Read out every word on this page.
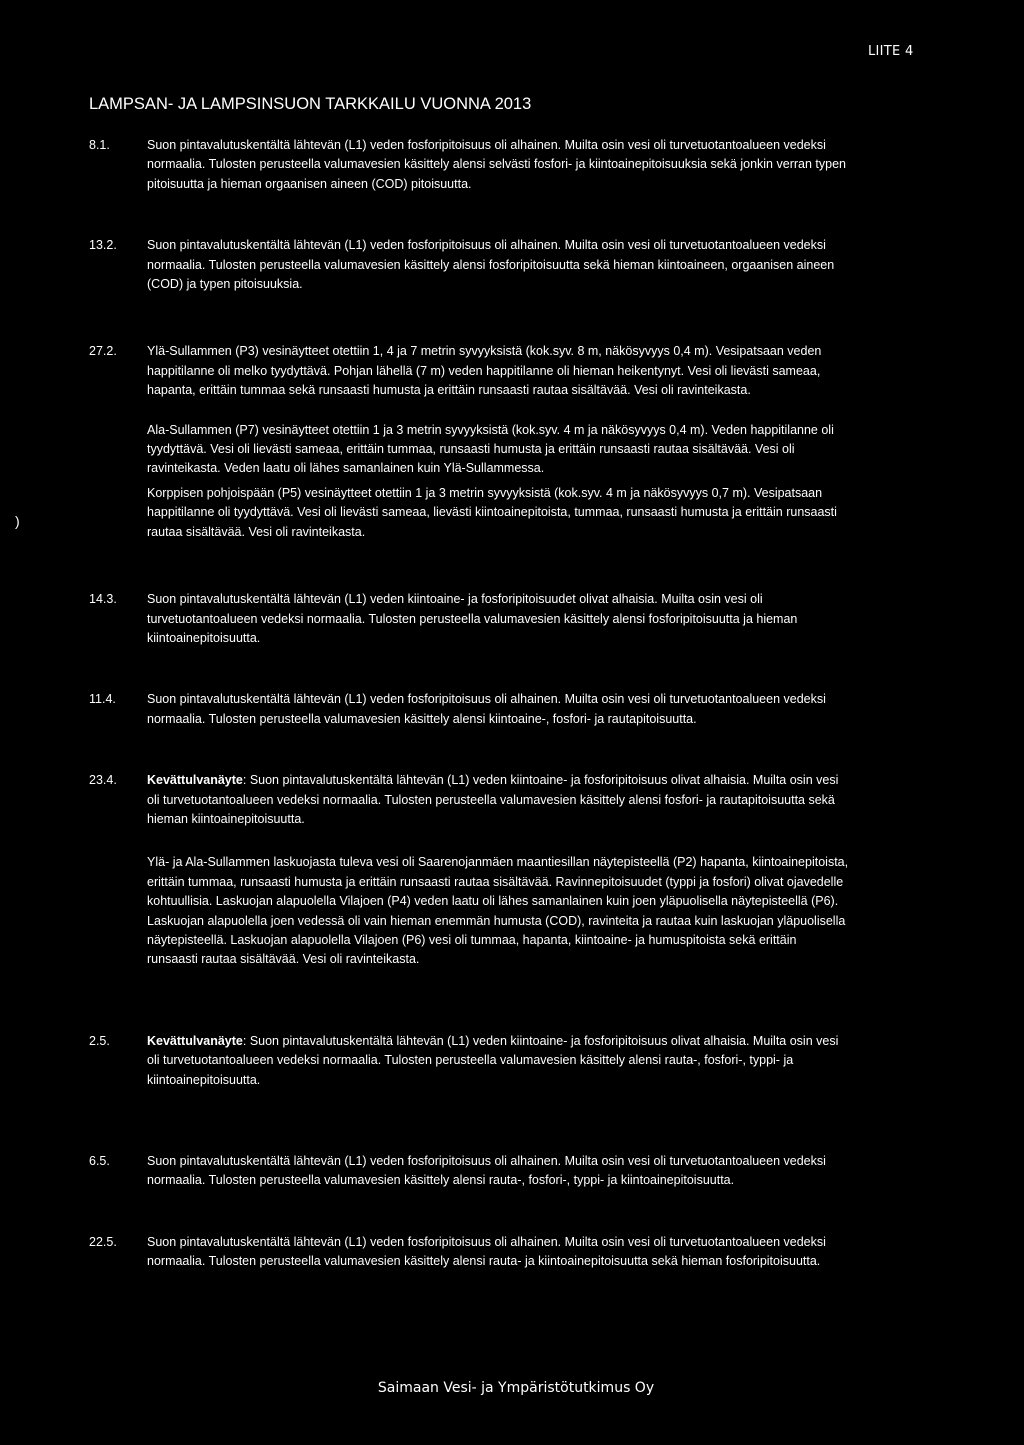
LIITE 4
LAMPSAN- JA LAMPSINSUON TARKKAILU VUONNA 2013
8.1.	Suon pintavalutuskentältä lähtevän (L1) veden fosforipitoisuus oli alhainen. Muilta osin vesi oli turvetuotantoalueen vedeksi normaalia. Tulosten perusteella valumavesien käsittely alensi selvästi fosfori- ja kiintoainepitoisuuksia sekä jonkin verran typen pitoisuutta ja hieman orgaanisen aineen (COD) pitoisuutta.

13.2. Suon pintavalutuskentältä lähtevän (L1) veden fosforipitoisuus oli alhainen. Muilta osin vesi oli turvetuotantoalueen vedeksi normaalia. Tulosten perusteella valumavesien käsittely alensi fosforipitoisuutta sekä hieman kiintoaineen, orgaanisen aineen (COD) ja typen pitoisuuksia.

27.2. Ylä-Sullammen (P3) vesinäytteet otettiin 1, 4 ja 7 metrin syvyyksistä (kok.syv. 8 m, näkösyvyys 0,4 m). Vesipatsaan veden happitilanne oli melko tyydyttävä. Pohjan lähellä (7 m) veden happitilanne oli hieman heikentynyt. Vesi oli lievästi sameaa, hapanta, erittäin tummaa sekä runsaasti humusta ja erittäin runsaasti rautaa sisältävää. Vesi oli ravinteikasta.

Ala-Sullammen (P7) vesinäytteet otettiin 1 ja 3 metrin syvyyksistä (kok.syv. 4 m ja näkösyvyys 0,4 m). Veden happitilanne oli tyydyttävä. Vesi oli lievästi sameaa, erittäin tummaa, runsaasti humusta ja erittäin runsaasti rautaa sisältävää. Vesi oli ravinteikasta. Veden laatu oli lähes samanlainen kuin Ylä-Sullammessa.

Korppisen pohjoispään (P5) vesinäytteet otettiin 1 ja 3 metrin syvyyksistä (kok.syv. 4 m ja näkösyvyys 0,7 m). Vesipatsaan happitilanne oli tyydyttävä. Vesi oli lievästi sameaa, lievästi kiintoainepitoista, tummaa, runsaasti humusta ja erittäin runsaasti rautaa sisältävää. Vesi oli ravinteikasta.

14.3. Suon pintavalutuskentältä lähtevän (L1) veden kiintoaine- ja fosforipitoisuudet olivat alhaisia. Muilta osin vesi oli turvetuotantoalueen vedeksi normaalia. Tulosten perusteella valumavesien käsittely alensi fosforipitoisuutta ja hieman kiintoainepitoisuutta.

11.4. Suon pintavalutuskentältä lähtevän (L1) veden fosforipitoisuus oli alhainen. Muilta osin vesi oli turvetuotantoalueen vedeksi normaalia. Tulosten perusteella valumavesien käsittely alensi kiintoaine-, fosfori- ja rautapitoisuutta.

23.4. Kevättulvanäyte: Suon pintavalutuskentältä lähtevän (L1) veden kiintoaine- ja fosforipitoisuus olivat alhaisia. Muilta osin vesi oli turvetuotantoalueen vedeksi normaalia. Tulosten perusteella valumavesien käsittely alensi fosfori- ja rautapitoisuutta sekä hieman kiintoainepitoisuutta.

Ylä- ja Ala-Sullammen laskuojasta tuleva vesi oli Saarenojanmäen maantiesillan näytepisteellä (P2) hapanta, kiintoainepitoista, erittäin tummaa, runsaasti humusta ja erittäin runsaasti rautaa sisältävää. Ravinnepitoisuudet (typpi ja fosfori) olivat ojavedelle kohtuullisia. Laskuojan alapuolella Vilajoen (P4) veden laatu oli lähes samanlainen kuin joen yläpuolisella näytepisteellä (P6). Laskuojan alapuolella joen vedessä oli vain hieman enemmän humusta (COD), ravinteita ja rautaa kuin laskuojan yläpuolisella näytepisteellä. Laskuojan alapuolella Vilajoen (P6) vesi oli tummaa, hapanta, kiintoaine- ja humuspitoista sekä erittäin runsaasti rautaa sisältävää. Vesi oli ravinteikasta.

2.5.	Kevättulvanäyte: Suon pintavalutuskentältä lähtevän (L1) veden kiintoaine- ja fosforipitoisuus olivat alhaisia. Muilta osin vesi oli turvetuotantoalueen vedeksi normaalia. Tulosten perusteella valumavesien käsittely alensi rauta-, fosfori-, typpi- ja kiintoainepitoisuutta.

6.5.	Suon pintavalutuskentältä lähtevän (L1) veden fosforipitoisuus oli alhainen. Muilta osin vesi oli turvetuotantoalueen vedeksi normaalia. Tulosten perusteella valumavesien käsittely alensi rauta-, fosfori-, typpi- ja kiintoainepitoisuutta.

22.5. Suon pintavalutuskentältä lähtevän (L1) veden fosforipitoisuus oli alhainen. Muilta osin vesi oli turvetuotantoalueen vedeksi normaalia. Tulosten perusteella valumavesien käsittely alensi rauta- ja kiintoainepitoisuutta sekä hieman fosforipitoisuutta.

)
Saimaan Vesi- ja Ympäristötutkimus Oy
